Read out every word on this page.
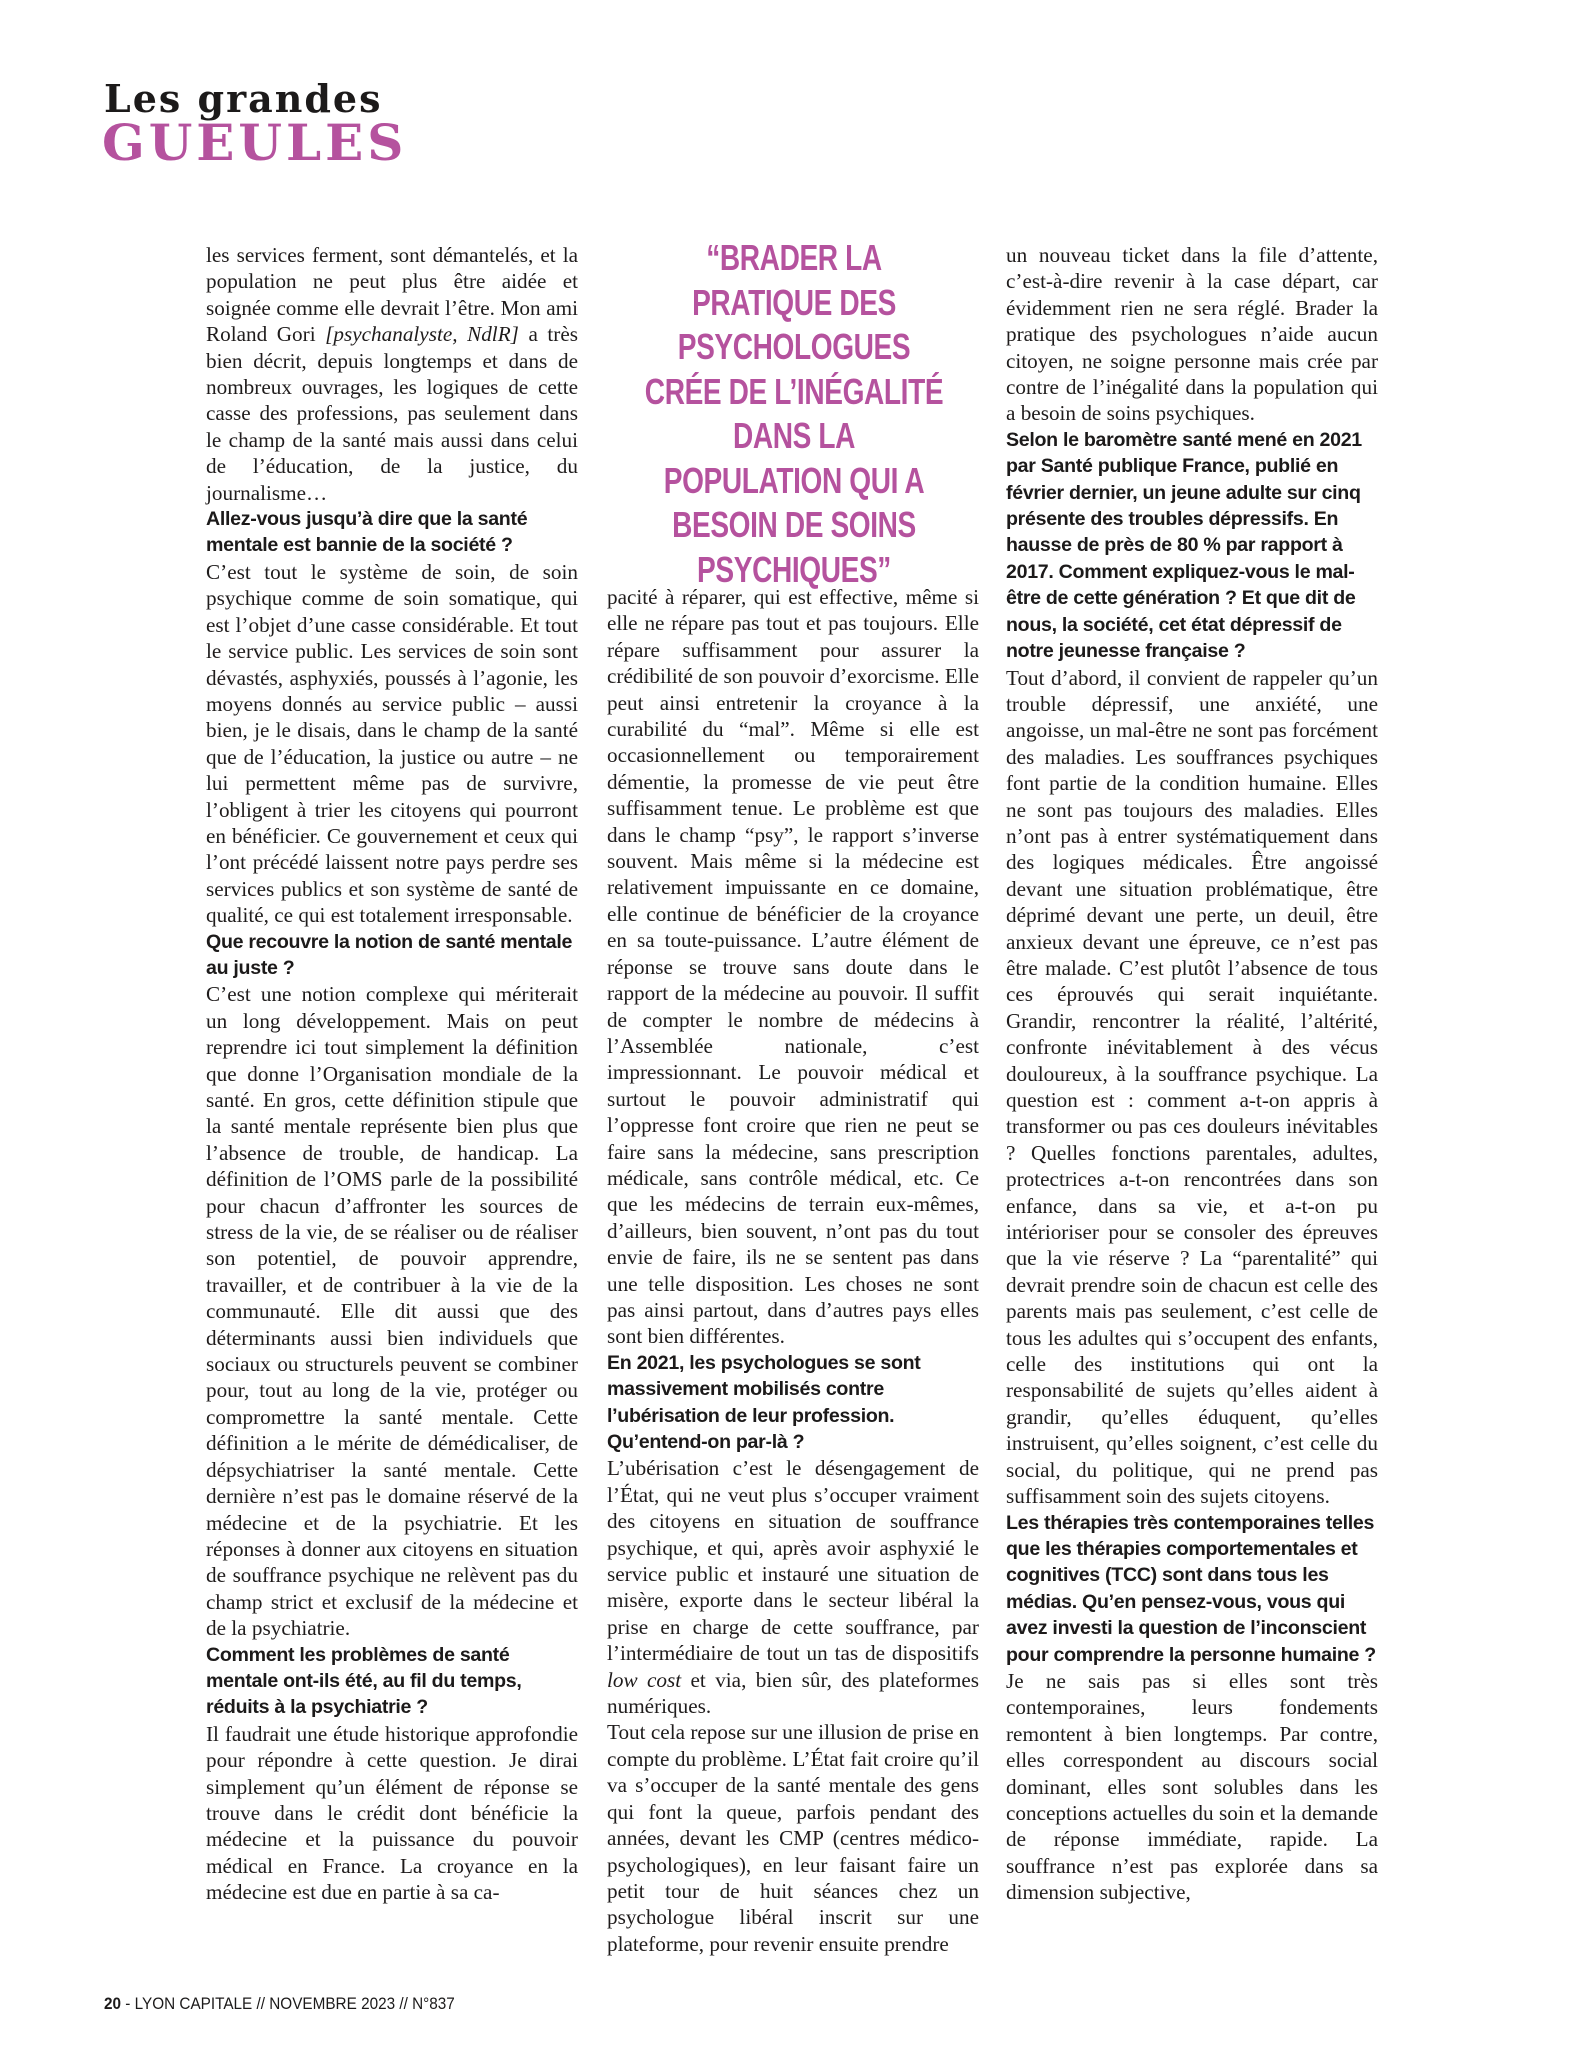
Les grandes
GUEULES

les services ferment, sont démantelés, et la population ne peut plus être aidée et soignée comme elle devrait l’être. Mon ami Roland Gori [psychanalyste, NdlR] a très bien décrit, depuis longtemps et dans de nombreux ouvrages, les logiques de cette casse des professions, pas seulement dans le champ de la santé mais aussi dans celui de l’éducation, de la justice, du journalisme…

Allez-vous jusqu’à dire que la santé mentale est bannie de la société ?

C’est tout le système de soin, de soin psychique comme de soin somatique, qui est l’objet d’une casse considérable. Et tout le service public. Les services de soin sont dévastés, asphyxiés, poussés à l’agonie, les moyens donnés au service public – aussi bien, je le disais, dans le champ de la santé que de l’éducation, la justice ou autre – ne lui permettent même pas de survivre, l’obligent à trier les citoyens qui pourront en bénéficier. Ce gouvernement et ceux qui l’ont précédé laissent notre pays perdre ses services publics et son système de santé de qualité, ce qui est totalement irresponsable.

Que recouvre la notion de santé mentale au juste ?

C’est une notion complexe qui mériterait un long développement. Mais on peut reprendre ici tout simplement la définition que donne l’Organisation mondiale de la santé. En gros, cette définition stipule que la santé mentale représente bien plus que l’absence de trouble, de handicap. La définition de l’OMS parle de la possibilité pour chacun d’affronter les sources de stress de la vie, de se réaliser ou de réaliser son potentiel, de pouvoir apprendre, travailler, et de contribuer à la vie de la communauté. Elle dit aussi que des déterminants aussi bien individuels que sociaux ou structurels peuvent se combiner pour, tout au long de la vie, protéger ou compromettre la santé mentale. Cette définition a le mérite de démédicaliser, de dépsychiatriser la santé mentale. Cette dernière n’est pas le domaine réservé de la médecine et de la psychiatrie. Et les réponses à donner aux citoyens en situation de souffrance psychique ne relèvent pas du champ strict et exclusif de la médecine et de la psychiatrie.

Comment les problèmes de santé mentale ont-ils été, au fil du temps, réduits à la psychiatrie ?

Il faudrait une étude historique approfondie pour répondre à cette question. Je dirai simplement qu’un élément de réponse se trouve dans le crédit dont bénéficie la médecine et la puissance du pouvoir médical en France. La croyance en la médecine est due en partie à sa ca-

“BRADER LA PRATIQUE DES PSYCHOLOGUES CRÉE DE L’INÉGALITÉ DANS LA POPULATION QUI A BESOIN DE SOINS PSYCHIQUES”

pacité à réparer, qui est effective, même si elle ne répare pas tout et pas toujours. Elle répare suffisamment pour assurer la crédibilité de son pouvoir d’exorcisme. Elle peut ainsi entretenir la croyance à la curabilité du “mal”. Même si elle est occasionnellement ou temporairement démentie, la promesse de vie peut être suffisamment tenue. Le problème est que dans le champ “psy”, le rapport s’inverse souvent. Mais même si la médecine est relativement impuissante en ce domaine, elle continue de bénéficier de la croyance en sa toute-puissance. L’autre élément de réponse se trouve sans doute dans le rapport de la médecine au pouvoir. Il suffit de compter le nombre de médecins à l’Assemblée nationale, c’est impressionnant. Le pouvoir médical et surtout le pouvoir administratif qui l’oppresse font croire que rien ne peut se faire sans la médecine, sans prescription médicale, sans contrôle médical, etc. Ce que les médecins de terrain eux-mêmes, d’ailleurs, bien souvent, n’ont pas du tout envie de faire, ils ne se sentent pas dans une telle disposition. Les choses ne sont pas ainsi partout, dans d’autres pays elles sont bien différentes.

En 2021, les psychologues se sont massivement mobilisés contre l’ubérisation de leur profession. Qu’entend-on par-là ?

L’ubérisation c’est le désengagement de l’État, qui ne veut plus s’occuper vraiment des citoyens en situation de souffrance psychique, et qui, après avoir asphyxié le service public et instauré une situation de misère, exporte dans le secteur libéral la prise en charge de cette souffrance, par l’intermédiaire de tout un tas de dispositifs low cost et via, bien sûr, des plateformes numériques.

Tout cela repose sur une illusion de prise en compte du problème. L’État fait croire qu’il va s’occuper de la santé mentale des gens qui font la queue, parfois pendant des années, devant les CMP (centres médico-psychologiques), en leur faisant faire un petit tour de huit séances chez un psychologue libéral inscrit sur une plateforme, pour revenir ensuite prendre

un nouveau ticket dans la file d’attente, c’est-à-dire revenir à la case départ, car évidemment rien ne sera réglé. Brader la pratique des psychologues n’aide aucun citoyen, ne soigne personne mais crée par contre de l’inégalité dans la population qui a besoin de soins psychiques.

Selon le baromètre santé mené en 2021 par Santé publique France, publié en février dernier, un jeune adulte sur cinq présente des troubles dépressifs. En hausse de près de 80 % par rapport à 2017. Comment expliquez-vous le mal-être de cette génération ? Et que dit de nous, la société, cet état dépressif de notre jeunesse française ?

Tout d’abord, il convient de rappeler qu’un trouble dépressif, une anxiété, une angoisse, un mal-être ne sont pas forcément des maladies. Les souffrances psychiques font partie de la condition humaine. Elles ne sont pas toujours des maladies. Elles n’ont pas à entrer systématiquement dans des logiques médicales. Être angoissé devant une situation problématique, être déprimé devant une perte, un deuil, être anxieux devant une épreuve, ce n’est pas être malade. C’est plutôt l’absence de tous ces éprouvés qui serait inquiétante. Grandir, rencontrer la réalité, l’altérité, confronte inévitablement à des vécus douloureux, à la souffrance psychique. La question est : comment a-t-on appris à transformer ou pas ces douleurs inévitables ? Quelles fonctions parentales, adultes, protectrices a-t-on rencontrées dans son enfance, dans sa vie, et a-t-on pu intérioriser pour se consoler des épreuves que la vie réserve ? La “parentalité” qui devrait prendre soin de chacun est celle des parents mais pas seulement, c’est celle de tous les adultes qui s’occupent des enfants, celle des institutions qui ont la responsabilité de sujets qu’elles aident à grandir, qu’elles éduquent, qu’elles instruisent, qu’elles soignent, c’est celle du social, du politique, qui ne prend pas suffisamment soin des sujets citoyens.

Les thérapies très contemporaines telles que les thérapies comportementales et cognitives (TCC) sont dans tous les médias. Qu’en pensez-vous, vous qui avez investi la question de l’inconscient pour comprendre la personne humaine ?

Je ne sais pas si elles sont très contemporaines, leurs fondements remontent à bien longtemps. Par contre, elles correspondent au discours social dominant, elles sont solubles dans les conceptions actuelles du soin et la demande de réponse immédiate, rapide. La souffrance n’est pas explorée dans sa dimension subjective,

20 - LYON CAPITALE // NOVEMBRE 2023 // N°837
